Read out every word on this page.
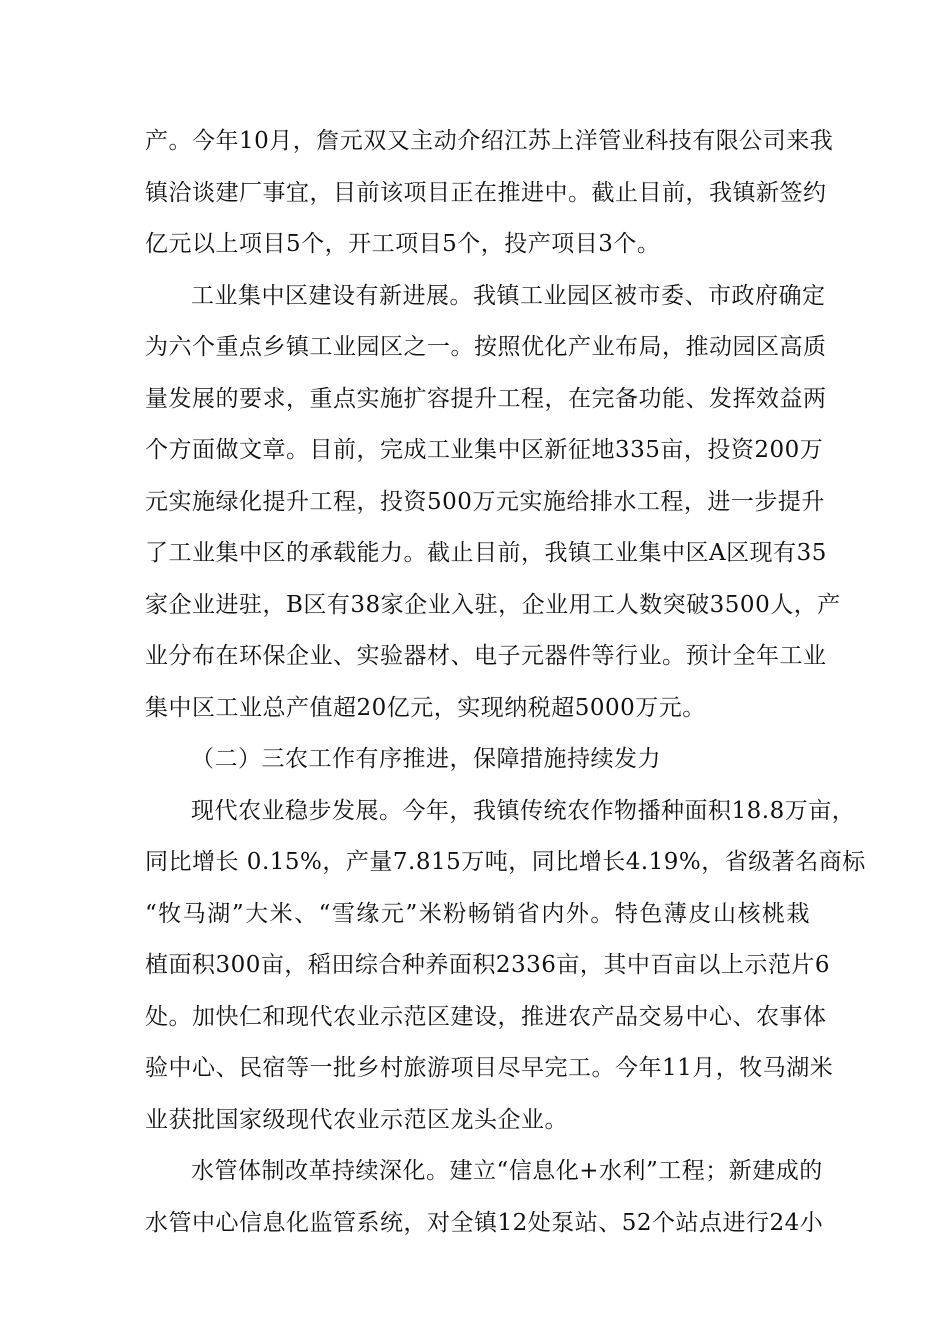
产。今年10月，詹元双又主动介绍江苏上洋管业科技有限公司来我
镇洽谈建厂事宜，目前该项目正在推进中。截止目前，我镇新签约
亿元以上项目5个，开工项目5个，投产项目3个。
工业集中区建设有新进展。我镇工业园区被市委、市政府确定
为六个重点乡镇工业园区之一。按照优化产业布局，推动园区高质
量发展的要求，重点实施扩容提升工程，在完备功能、发挥效益两
个方面做文章。目前，完成工业集中区新征地335亩，投资200万
元实施绿化提升工程，投资500万元实施给排水工程，进一步提升
了工业集中区的承载能力。截止目前，我镇工业集中区A区现有35
家企业进驻，B区有38家企业入驻，企业用工人数突破3500人，产
业分布在环保企业、实验器材、电子元器件等行业。预计全年工业
集中区工业总产值超20亿元，实现纳税超5000万元。
（二）三农工作有序推进，保障措施持续发力
现代农业稳步发展。今年，我镇传统农作物播种面积18.8万亩，
同比增长 0.15%，产量7.815万吨，同比增长4.19%，省级著名商标
“牧马湖”大米、“雪缘元”米粉畅销省内外。特色薄皮山核桃栽
植面积300亩，稻田综合种养面积2336亩，其中百亩以上示范片6
处。加快仁和现代农业示范区建设，推进农产品交易中心、农事体
验中心、民宿等一批乡村旅游项目尽早完工。今年11月，牧马湖米
业获批国家级现代农业示范区龙头企业。
水管体制改革持续深化。建立“信息化+水利”工程；新建成的
水管中心信息化监管系统，对全镇12处泵站、52个站点进行24小
